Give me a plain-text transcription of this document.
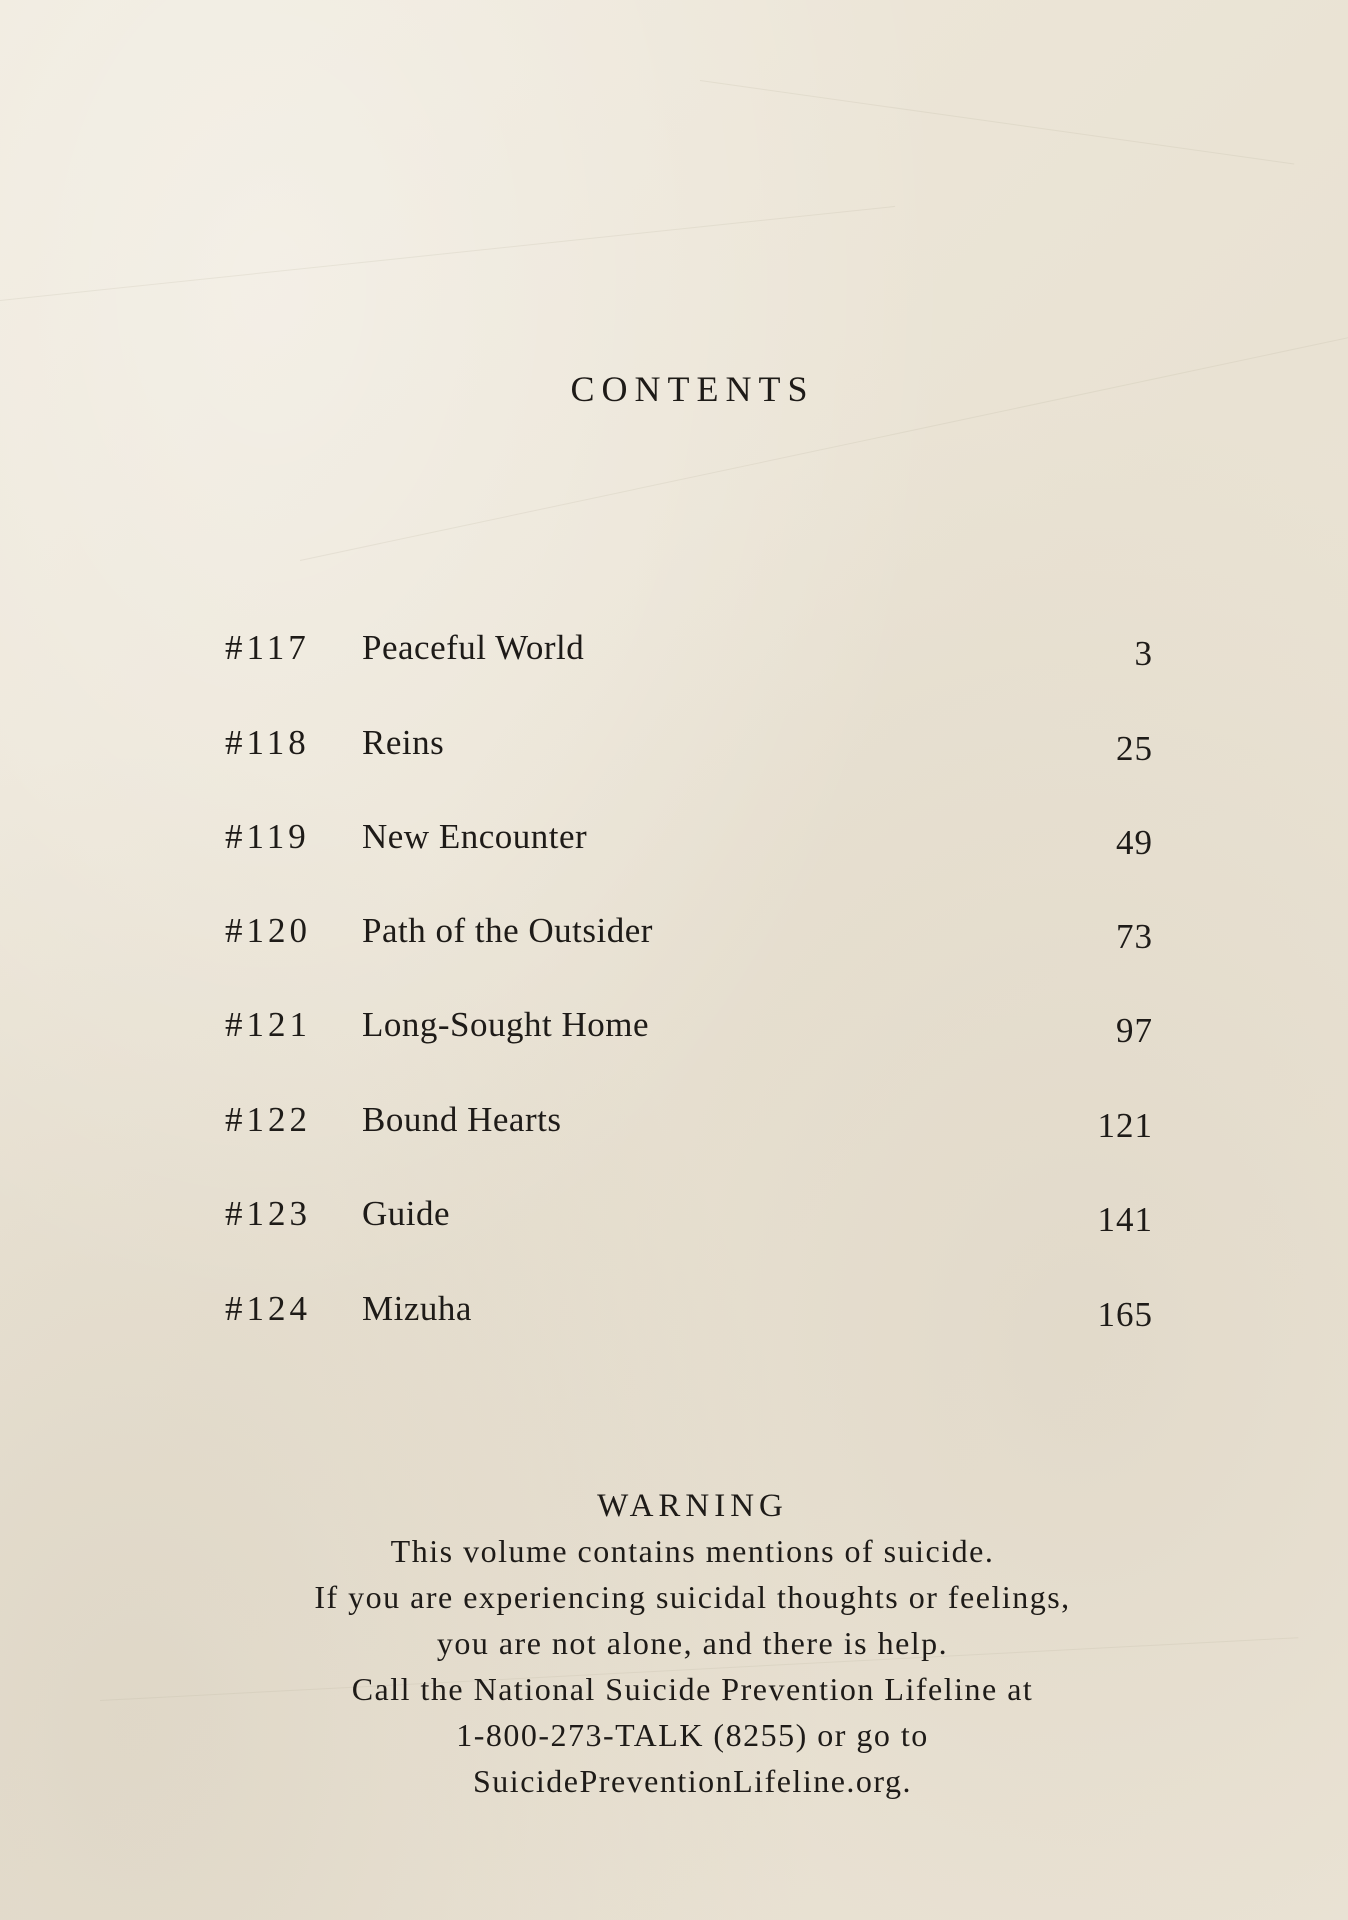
CONTENTS
#117 Peaceful World	3
#118 Reins	25
#119 New Encounter	49
#120 Path of the Outsider	73
#121 Long-Sought Home	97
#122 Bound Hearts	121
#123 Guide	141
#124 Mizuha	165
WARNING
This volume contains mentions of suicide.
If you are experiencing suicidal thoughts or feelings,
you are not alone, and there is help.
Call the National Suicide Prevention Lifeline at
1-800-273-TALK (8255) or go to
SuicidePreventionLifeline.org.
